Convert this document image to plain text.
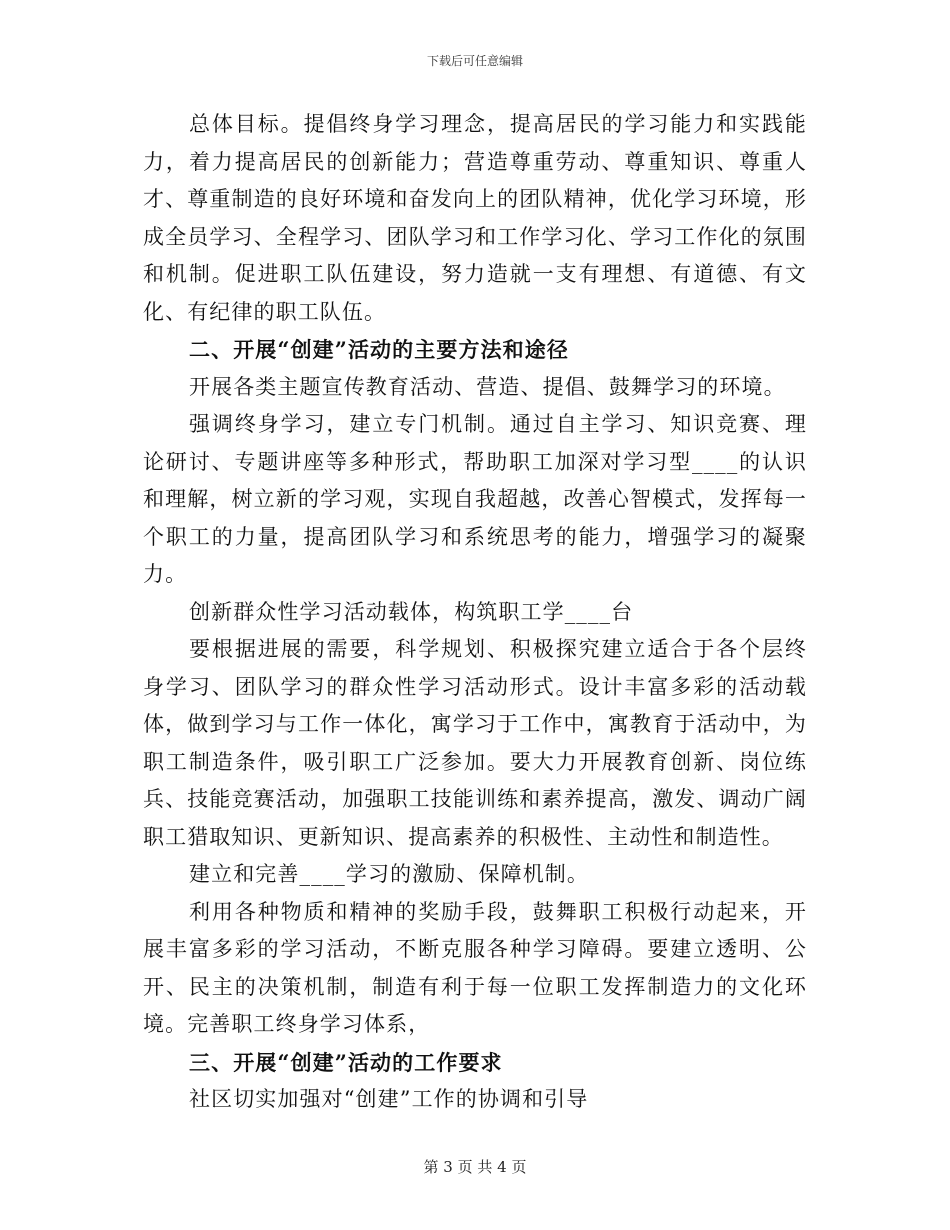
下载后可任意编辑

总体目标。提倡终身学习理念，提高居民的学习能力和实践能力，着力提高居民的创新能力；营造尊重劳动、尊重知识、尊重人才、尊重制造的良好环境和奋发向上的团队精神，优化学习环境，形成全员学习、全程学习、团队学习和工作学习化、学习工作化的氛围和机制。促进职工队伍建设，努力造就一支有理想、有道德、有文化、有纪律的职工队伍。

二、开展“创建”活动的主要方法和途径

开展各类主题宣传教育活动、营造、提倡、鼓舞学习的环境。

强调终身学习，建立专门机制。通过自主学习、知识竞赛、理论研讨、专题讲座等多种形式，帮助职工加深对学习型____的认识和理解，树立新的学习观，实现自我超越，改善心智模式，发挥每一个职工的力量，提高团队学习和系统思考的能力，增强学习的凝聚力。

创新群众性学习活动载体，构筑职工学____台

要根据进展的需要，科学规划、积极探究建立适合于各个层终身学习、团队学习的群众性学习活动形式。设计丰富多彩的活动载体，做到学习与工作一体化，寓学习于工作中，寓教育于活动中，为职工制造条件，吸引职工广泛参加。要大力开展教育创新、岗位练兵、技能竞赛活动，加强职工技能训练和素养提高，激发、调动广阔职工猎取知识、更新知识、提高素养的积极性、主动性和制造性。

建立和完善____学习的激励、保障机制。

利用各种物质和精神的奖励手段，鼓舞职工积极行动起来，开展丰富多彩的学习活动，不断克服各种学习障碍。要建立透明、公开、民主的决策机制，制造有利于每一位职工发挥制造力的文化环境。完善职工终身学习体系，

三、开展“创建”活动的工作要求

社区切实加强对“创建”工作的协调和引导

第 3 页 共 4 页
